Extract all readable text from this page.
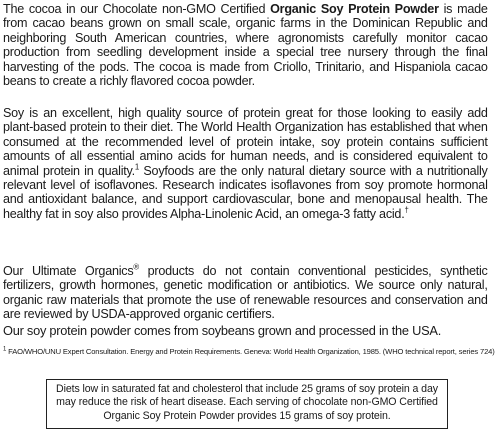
The cocoa in our Chocolate non-GMO Certified Organic Soy Protein Powder is made from cacao beans grown on small scale, organic farms in the Dominican Republic and neighboring South American countries, where agronomists carefully monitor cacao production from seedling development inside a special tree nursery through the final harvesting of the pods. The cocoa is made from Criollo, Trinitario, and Hispaniola cacao beans to create a richly flavored cocoa powder.

Soy is an excellent, high quality source of protein great for those looking to easily add plant-based protein to their diet. The World Health Organization has established that when consumed at the recommended level of protein intake, soy protein contains sufficient amounts of all essential amino acids for human needs, and is considered equivalent to animal protein in quality.$^1$ Soyfoods are the only natural dietary source with a nutritionally relevant level of isoflavones. Research indicates isoflavones from soy promote hormonal and antioxidant balance, and support cardiovascular, bone and menopausal health. The healthy fat in soy also provides Alpha-Linolenic Acid, an omega-3 fatty acid.†

Our Ultimate Organics® products do not contain conventional pesticides, synthetic fertilizers, growth hormones, genetic modification or antibiotics. We source only natural, organic raw materials that promote the use of renewable resources and conservation and are reviewed by USDA-approved organic certifiers.

Our soy protein powder comes from soybeans grown and processed in the USA.

$^1$ FAO/WHO/UNU Expert Consultation. Energy and Protein Requirements. Geneva: World Health Organization, 1985. (WHO technical report, series 724)

Diets low in saturated fat and cholesterol that include 25 grams of soy protein a day may reduce the risk of heart disease. Each serving of chocolate non-GMO Certified Organic Soy Protein Powder provides 15 grams of soy protein.
